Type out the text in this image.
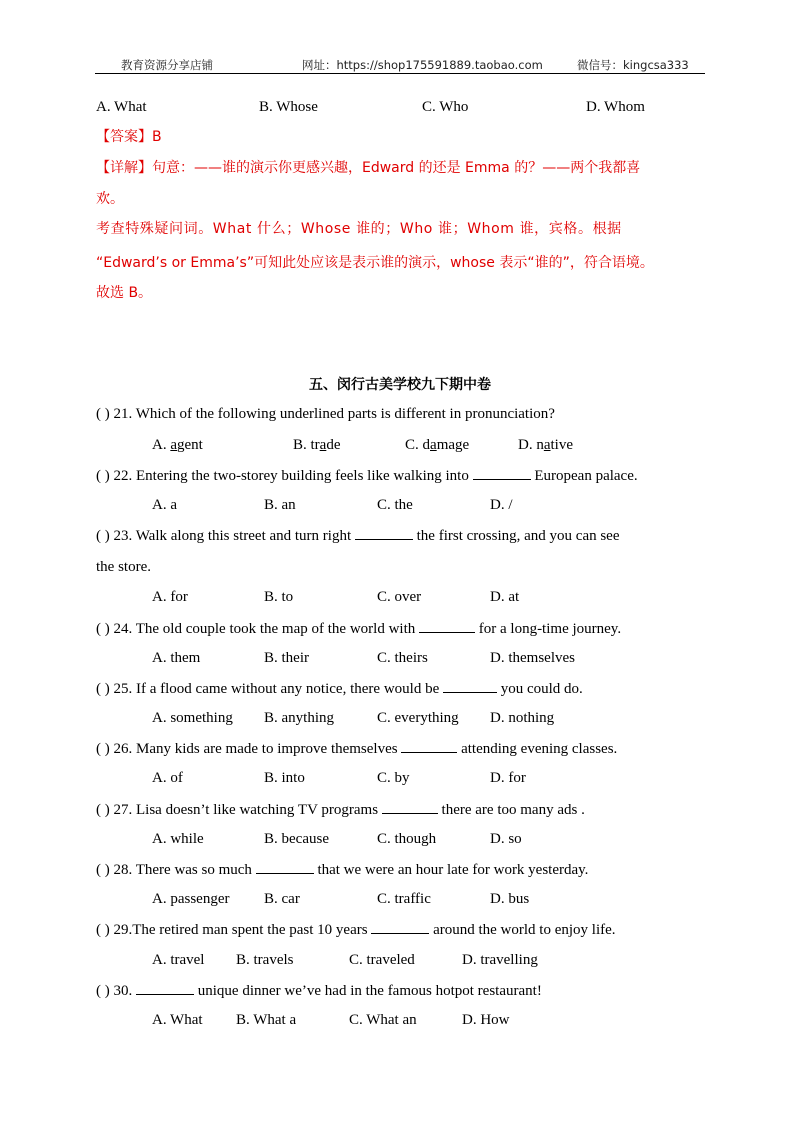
教育资源分享店铺	网址：https://shop175591889.taobao.com	微信号：kingcsa333
A. What	B. Whose	C. Who	D. Whom
【答案】B
【详解】句意：——谁的演示你更感兴趣，Edward 的还是 Emma 的？——两个我都喜
欢。
考查特殊疑问词。What 什么；Whose 谁的；Who 谁；Whom 谁，宾格。根据
“Edward’s or Emma’s”可知此处应该是表示谁的演示，whose 表示“谁的”，符合语境。
故选 B。
五、闵行古美学校九下期中卷
( ) 21. Which of the following underlined parts is different in pronunciation?
A. agent	B. trade	C. damage	D. native
( ) 22. Entering the two-storey building feels like walking into	European palace.
A. a	B. an	C. the	D. /
( ) 23. Walk along this street and turn right	the first crossing, and you can see
the store.
A. for	B. to	C. over	D. at
( ) 24. The old couple took the map of the world with	for a long-time journey.
A. them	B. their	C. theirs	D. themselves
( ) 25. If a flood came without any notice, there would be	you could do.
A. something B. anything	C. everything D. nothing
( ) 26. Many kids are made to improve themselves	attending evening classes.
A. of	B. into	C. by	D. for
( ) 27. Lisa doesn’t like watching TV programs	there are too many ads .
A. while	B. because	C. though	D. so
( ) 28. There was so much	that we were an hour late for work yesterday.
A. passenger B. car	C. traffic	D. bus
( ) 29.The retired man spent the past 10 years	around the world to enjoy life.
A. travel B. travels	C. traveled	D. travelling
( ) 30.	unique dinner we’ve had in the famous hotpot restaurant!
A. What B. What a	C. What an	D. How
